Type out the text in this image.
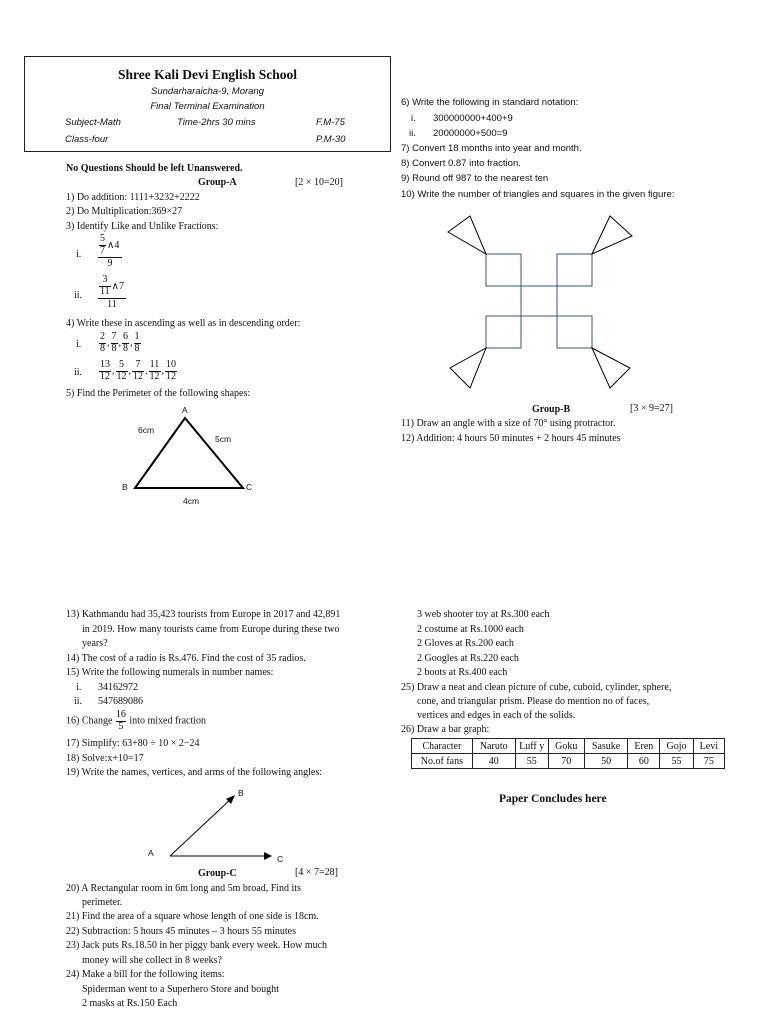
Shree Kali Devi English School
Sundarharaicha-9, Morang
Final Terminal Examination
Subject-Math	Time-2hrs 30 mins	F.M-75
Class-four	P.M-30
No Questions Should be left Unanswered.
Group-A	[2 × 10=20]
1) Do addition: 1111+3232+2222
2) Do Multiplication:369×27
3) Identify Like and Unlike Fractions:
i. $\frac{5}{7}$ ∧4
9
ii. $\frac{3}{11}$ ∧7
11
4) Write these in ascending as well as in descending order:
i. $\frac{2}{8}$ , $\frac{7}{8}$ , $\frac{6}{8}$ , $\frac{1}{8}$
ii. $\frac{13}{12}$ , $\frac{5}{12}$ , $\frac{7}{12}$ , $\frac{11}{12}$ , $\frac{10}{12}$
5) Find the Perimeter of the following shapes:
A
B	C
6cm
5cm
4cm
6) Write the following in standard notation:
i. 300000000+400+9
ii. 20000000+500=9
7) Convert 18 months into year and month.
8) Convert 0.87 into fraction.
9) Round off 987 to the nearest ten
10) Write the number of triangles and squares in the given figure:
Group-B	[3 × 9=27]
11) Draw an angle with a size of 70° using protractor.
12) Addition: 4 hours 50 minutes + 2 hours 45 minutes
13) Kathmandu had 35,423 tourists from Europe in 2017 and 42,891
in 2019. How many tourists came from Europe during these two
years?
14) The cost of a radio is Rs.476. Find the cost of 35 radios.
15) Write the following numerals in number names:
i. 34162972
ii. 547689086
16) Change $\frac{16}{5}$ into mixed fraction
17) Simplify: 63+80 ÷ 10 × 2−24
18) Solve:x+10=17
19) Write the names, vertices, and arms of the following angles:
A
B
C
Group-C	[4 × 7=28]
20) A Rectangular room in 6m long and 5m broad, Find its
perimeter.
21) Find the area of a square whose length of one side is 18cm.
22) Subtraction: 5 hours 45 minutes – 3 hours 55 minutes
23) Jack puts Rs.18.50 in her piggy bank every week. How much
money will she collect in 8 weeks?
24) Make a bill for the following items:
Spiderman went to a Superhero Store and bought
2 masks at Rs.150 Each
3 web shooter toy at Rs.300 each
2 costume at Rs.1000 each
2 Gloves at Rs.200 each
2 Googles at Rs.220 each
2 boots at Rs.400 each
25) Draw a neat and clean picture of cube, cuboid, cylinder, sphere,
cone, and triangular prism. Please do mention no of faces,
vertices and edges in each of the solids.
26) Draw a bar graph:
Character	Naruto	Luff y	Goku	Sasuke	Eren	Gojo	Levi
No.of fans	40	55	70	50	60	55	75
Paper Concludes here
